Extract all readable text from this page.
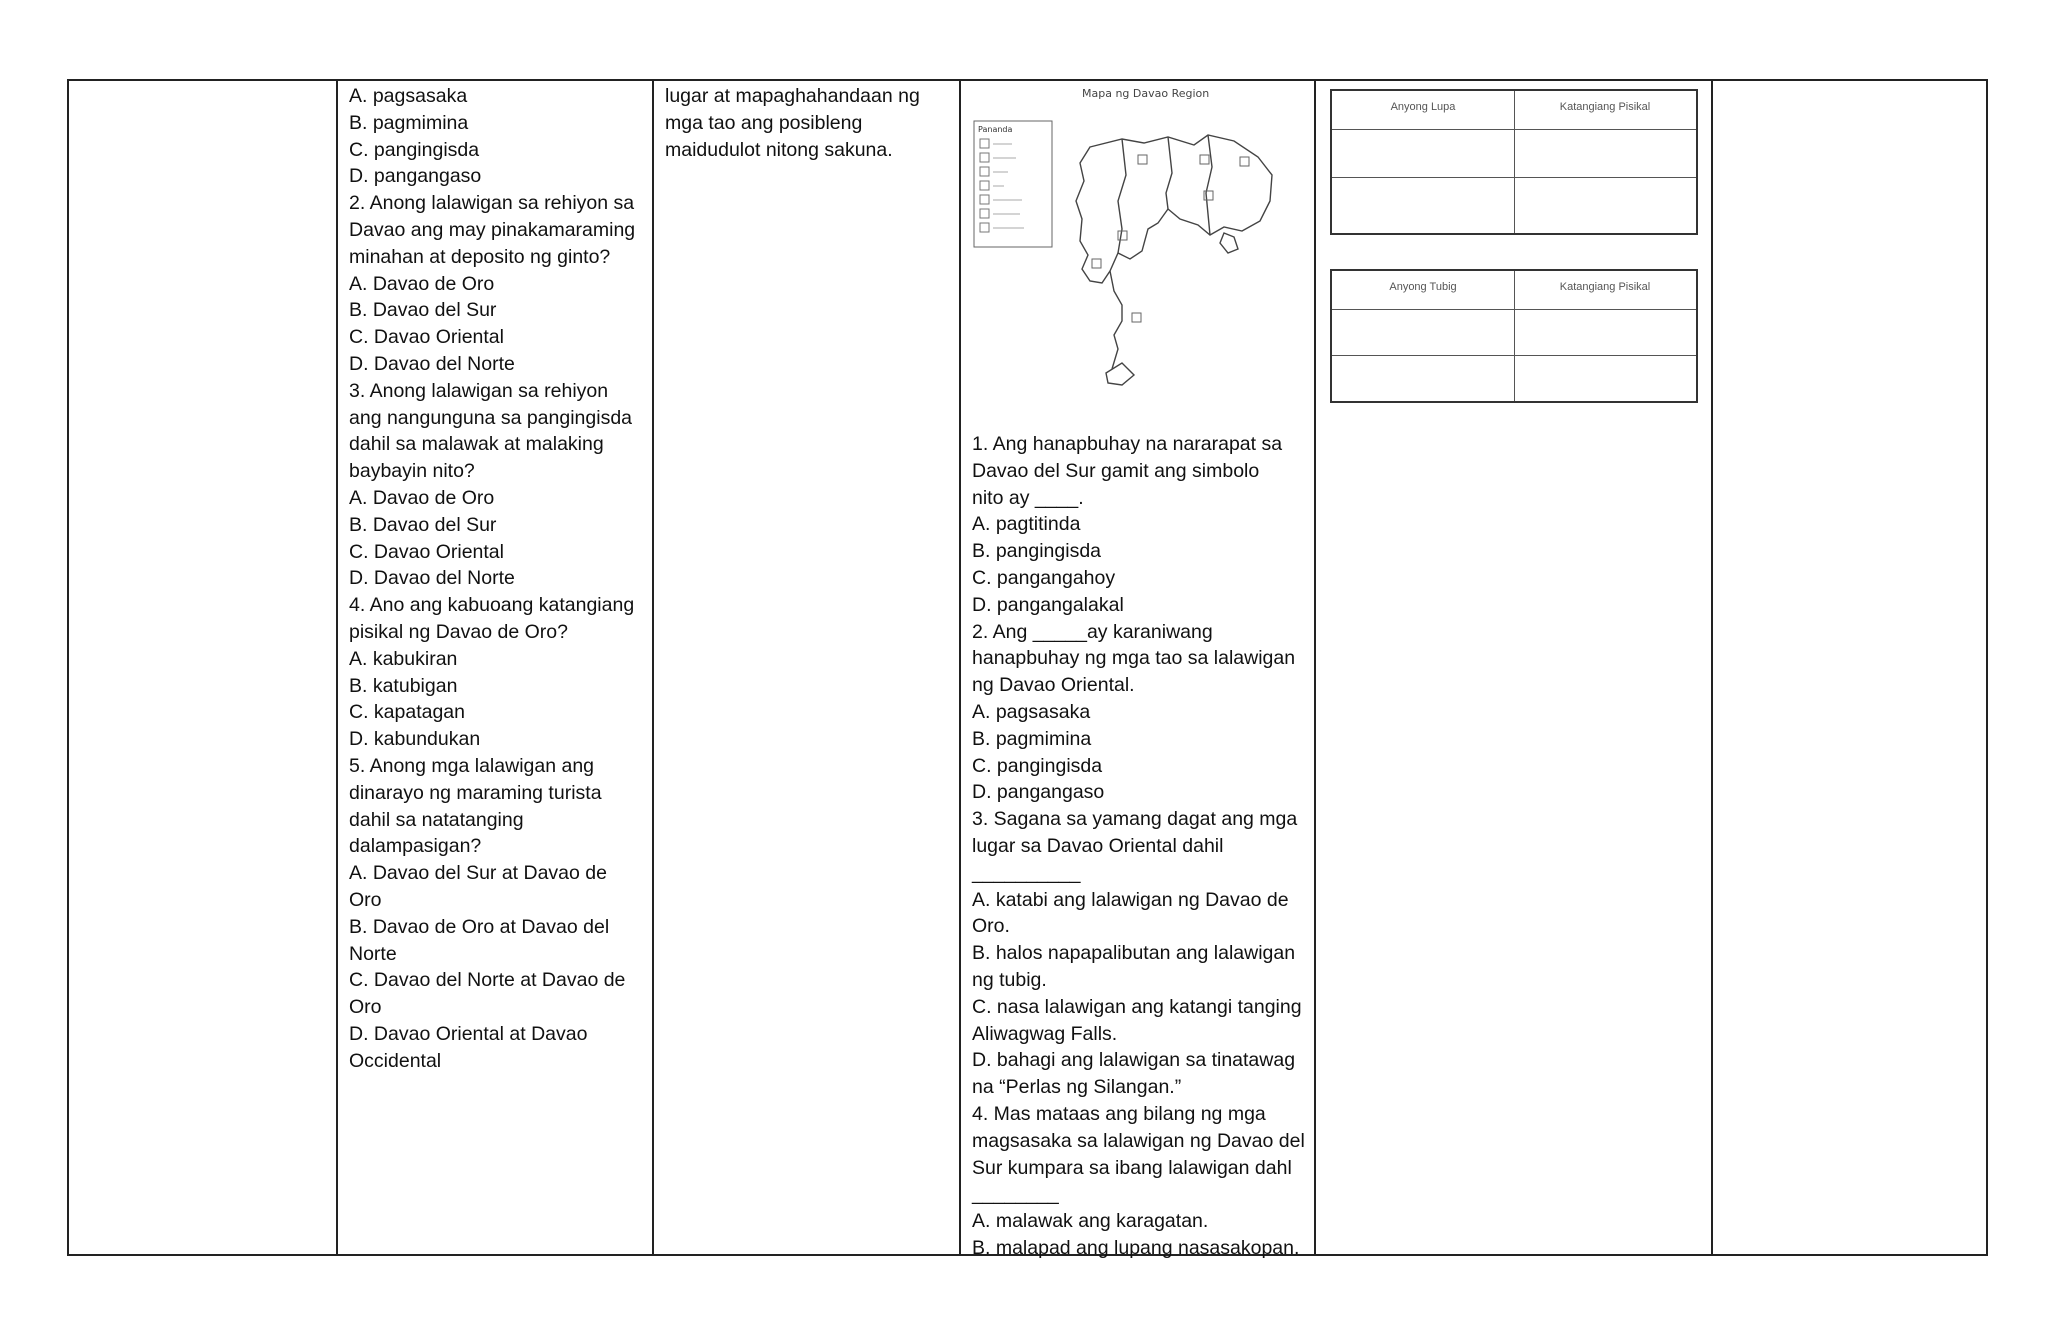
A. pagsasaka
B. pagmimina
C. pangingisda
D. pangangaso
2. Anong lalawigan sa rehiyon sa
Davao ang may pinakamaraming
minahan at deposito ng ginto?
A. Davao de Oro
B. Davao del Sur
C. Davao Oriental
D. Davao del Norte
3. Anong lalawigan sa rehiyon
ang nangunguna sa pangingisda
dahil sa malawak at malaking
baybayin nito?
A. Davao de Oro
B. Davao del Sur
C. Davao Oriental
D. Davao del Norte
4. Ano ang kabuoang katangiang
pisikal ng Davao de Oro?
A. kabukiran
B. katubigan
C. kapatagan
D. kabundukan
5. Anong mga lalawigan ang
dinarayo ng maraming turista
dahil sa natatanging
dalampasigan?
A. Davao del Sur at Davao de
Oro
B. Davao de Oro at Davao del
Norte
C. Davao del Norte at Davao de
Oro
D. Davao Oriental at Davao
Occidental
lugar at mapaghahandaan ng
mga tao ang posibleng
maidudulot nitong sakuna.
Mapa ng Davao Region
Pananda
1. Ang hanapbuhay na nararapat sa
Davao del Sur gamit ang simbolo
nito ay ____.
A. pagtitinda
B. pangingisda
C. pangangahoy
D. pangangalakal
2. Ang _____ay karaniwang
hanapbuhay ng mga tao sa lalawigan
ng Davao Oriental.
A. pagsasaka
B. pagmimina
C. pangingisda
D. pangangaso
3. Sagana sa yamang dagat ang mga
lugar sa Davao Oriental dahil
__________
A. katabi ang lalawigan ng Davao de
Oro.
B. halos napapalibutan ang lalawigan
ng tubig.
C. nasa lalawigan ang katangi tanging
Aliwagwag Falls.
D. bahagi ang lalawigan sa tinatawag
na “Perlas ng Silangan.”
4. Mas mataas ang bilang ng mga
magsasaka sa lalawigan ng Davao del
Sur kumpara sa ibang lalawigan dahl
________
A. malawak ang karagatan.
B. malapad ang lupang nasasakopan.
Anyong Lupa	Katangiang Pisikal
Anyong Tubig	Katangiang Pisikal
